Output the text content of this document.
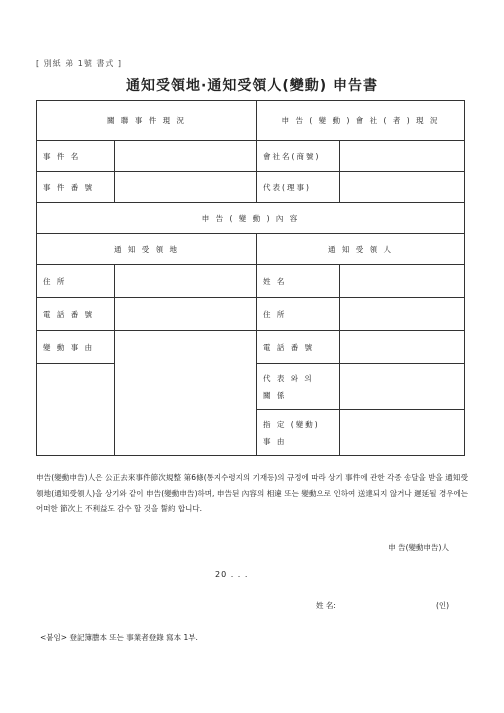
[ 別紙 弟 1號 書式 ]
通知受領地·通知受領人(變動) 申告書
關 聯 事 件 現 況		申 告 ( 變 動 ) 會 社 ( 者 ) 現 況	
事 件 名		會社名(商號)	
事 件 番 號		代表(理事)	
申 告 ( 變 動 ) 內 容			
通 知 受 領 地		通 知 受 領 人	
住 所		姓 名	
電 話 番 號		住 所	
變 動 事 由		電 話 番 號	

		代 表 와 의
關 係	

		指 定 (變動)
事 由	

申告(變動申告)人은 公正去來事件節次規整 第6條(통지수령지의 기재등)의 규정에 따라 상기 事件에 관한 각종 송달을 받을 通知受領地(通知受領人)을 상기와 같이 申告(變動申告)하며, 申告된 內容의 相違 또는 變動으로 인하여 送達되지 않거나 遲延될 경우에는 어떠한 節次上 不利益도 감수 할 것을 誓約 합니다.
申 告(變動申告)人
20 . . .
姓 名:	(인)
<붙임> 登記簿謄本 또는 事業者登錄 寫本 1부.
